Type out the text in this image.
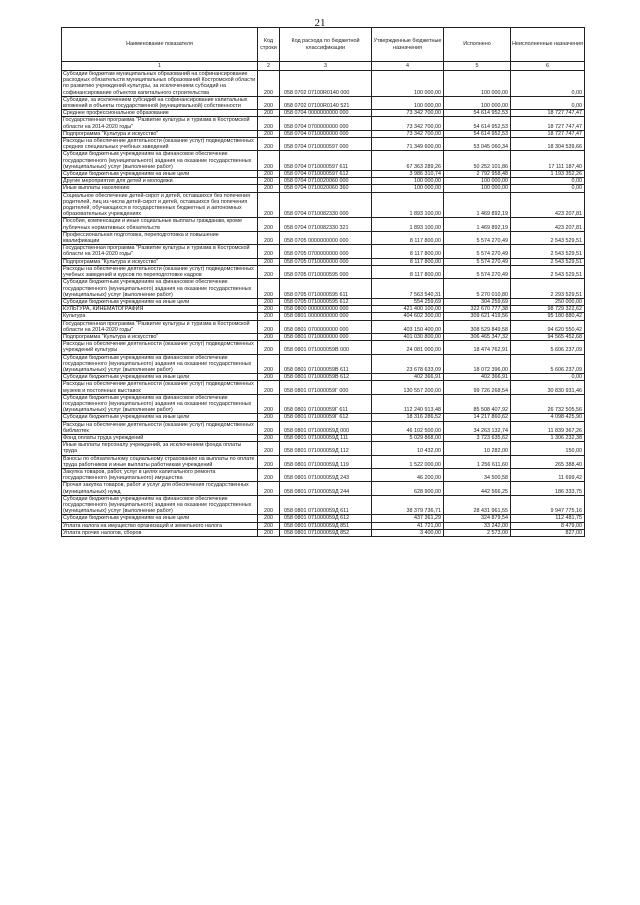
21
Наименование показателя	Код строки	Код расхода по бюджетной классификации	Утвержденные бюджетные назначения	Исполнено	Неисполненные назначения
1	2	3	4	5	6
Субсидии бюджетам муниципальных образований на софинансирование расходных обязательств муниципальных образований Костромской области по развитию учреждений культуры, за исключением субсидий на софинансирование объектов капитального строительства	200	058 0702 07100R0140 000	100 000,00	100 000,00	0,00
Субсидии, за исключением субсидий на софинансирование капитальных вложений в объекты государственной (муниципальной) собственности	200	058 0702 07100R0140 521	100 000,00	100 000,00	0,00
Среднее профессиональное образование	200	058 0704 0000000000 000	73 342 700,00	54 614 952,53	18 727 747,47
Государственная программа "Развитие культуры и туризма в Костромской области на 2014-2020 годы"	200	058 0704 0700000000 000	73 342 700,00	54 614 952,53	18 727 747,47
Подпрограмма "Культура и искусство"	200	058 0704 0710000000 000	73 342 700,00	54 614 952,53	18 727 747,47
Расходы на обеспечение деятельности (оказание услуг) подведомственных средних специальных учебных заведений	200	058 0704 0710000597 000	71 349 600,00	53 045 060,34	18 304 539,66
Субсидии бюджетным учреждениям на финансовое обеспечение государственного (муниципального) задания на оказание государственных (муниципальных) услуг (выполнение работ)	200	058 0704 0710000597 611	67 363 289,26	50 252 101,86	17 111 187,40
Субсидии бюджетным учреждениям на иные цели	200	058 0704 0710000597 612	3 986 310,74	2 792 958,48	1 193 352,26
Другие мероприятия для детей и молодежи	200	058 0704 0710020060 000	100 000,00	100 000,00	0,00
Иные выплаты населению	200	058 0704 0710020060 360	100 000,00	100 000,00	0,00
Социальное обеспечение детей-сирот и детей, оставшихся без попечения родителей, лиц из числа детей-сирот и детей, оставшихся без попечения родителей, обучающихся в государственных бюджетных и автономных образовательных учреждениях	200	058 0704 0710082330 000	1 893 100,00	1 469 892,19	423 207,81
Пособия, компенсации и иные социальные выплаты гражданам, кроме публичных нормативных обязательств	200	058 0704 0710082330 321	1 893 100,00	1 469 892,19	423 207,81
Профессиональная подготовка, переподготовка и повышение квалификации	200	058 0705 0000000000 000	8 117 800,00	5 574 270,49	2 543 529,51
Государственная программа "Развитие культуры и туризма в Костромской области на 2014-2020 годы"	200	058 0705 0700000000 000	8 117 800,00	5 574 270,49	2 543 529,51
Подпрограмма "Культура и искусство"	200	058 0705 0710000000 000	8 117 800,00	5 574 270,49	2 543 529,51
Расходы на обеспечение деятельности (оказание услуг) подведомственных учебных заведений и курсов по переподготовке кадров	200	058 0705 0710000595 000	8 117 800,00	5 574 270,49	2 543 529,51
Субсидии бюджетным учреждениям на финансовое обеспечение государственного (муниципального) задания на оказание государственных (муниципальных) услуг (выполнение работ)	200	058 0705 0710000595 611	7 563 540,31	5 270 010,80	2 293 529,51
Субсидии бюджетным учреждениям на иные цели	200	058 0705 0710000595 612	554 259,69	304 259,69	250 000,00
КУЛЬТУРА, КИНЕМАТОГРАФИЯ	200	058 0800 0000000000 000	421 400 100,00	322 670 777,38	98 729 322,62
Культура	200	058 0801 0000000000 000	404 602 300,00	309 621 419,56	95 180 880,42
Государственная программа "Развитие культуры и туризма в Костромской области на 2014-2020 годы"	200	058 0801 0700000000 000	403 150 400,00	308 529 849,58	94 620 550,42
Подпрограмма "Культура и искусство"	200	058 0801 0710000000 000	401 030 800,00	306 465 347,32	94 565 452,68
Расходы на обеспечение деятельности (оказание услуг) подведомственных учреждений культуры	200	058 0801 071000059В 000	24 081 000,00	18 474 762,91	5 606 237,09
Субсидии бюджетным учреждениям на финансовое обеспечение государственного (муниципального) задания на оказание государственных (муниципальных) услуг (выполнение работ)	200	058 0801 071000059В 611	23 678 633,09	18 072 396,00	5 606 237,09
Субсидии бюджетным учреждениям на иные цели	200	058 0801 071000059В 612	402 366,91	402 366,91	0,00
Расходы на обеспечение деятельности (оказание услуг) подведомственных музеев и постоянных выставок	200	058 0801 071000059Г 000	130 557 200,00	99 726 268,54	30 830 931,46
Субсидии бюджетным учреждениям на финансовое обеспечение государственного (муниципального) задания на оказание государственных (муниципальных) услуг (выполнение работ)	200	058 0801 071000059Г 611	112 240 913,48	85 508 407,92	26 732 505,56
Субсидии бюджетным учреждениям на иные цели	200	058 0801 071000059Г 612	18 316 286,52	14 217 860,62	4 098 425,90
Расходы на обеспечение деятельности (оказание услуг) подведомственных библиотек	200	058 0801 071000059Д 000	46 102 500,00	34 263 132,74	11 839 367,26
Фонд оплаты труда учреждений	200	058 0801 071000059Д 111	5 029 868,00	3 723 635,62	1 306 232,38
Иные выплаты персоналу учреждений, за исключением фонда оплаты труда	200	058 0801 071000059Д 112	10 432,00	10 282,00	150,00
Взносы по обязательному социальному страхованию на выплаты по оплате труда работников и иные выплаты работникам учреждений	200	058 0801 071000059Д 119	1 522 000,00	1 256 611,60	265 388,40
Закупка товаров, работ, услуг в целях капитального ремонта государственного (муниципального) имущества	200	058 0801 071000059Д 243	46 200,00	34 500,58	11 699,42
Прочая закупка товаров, работ и услуг для обеспечения государственных (муниципальных) нужд	200	058 0801 071000059Д 244	628 900,00	442 566,25	186 333,75
Субсидии бюджетным учреждениям на финансовое обеспечение государственного (муниципального) задания на оказание государственных (муниципальных) услуг (выполнение работ)	200	058 0801 071000059Д 611	38 379 736,71	28 431 961,55	9 947 775,16
Субсидии бюджетным учреждениям на иные цели	200	058 0801 071000059Д 612	437 361,29	324 879,54	112 481,75
Уплата налога на имущество организаций и земельного налога	200	058 0801 071000059Д 851	41 721,00	33 242,00	8 479,00
Уплата прочих налогов, сборов	200	058 0801 071000059Д 852	3 400,00	2 573,00	827,00
